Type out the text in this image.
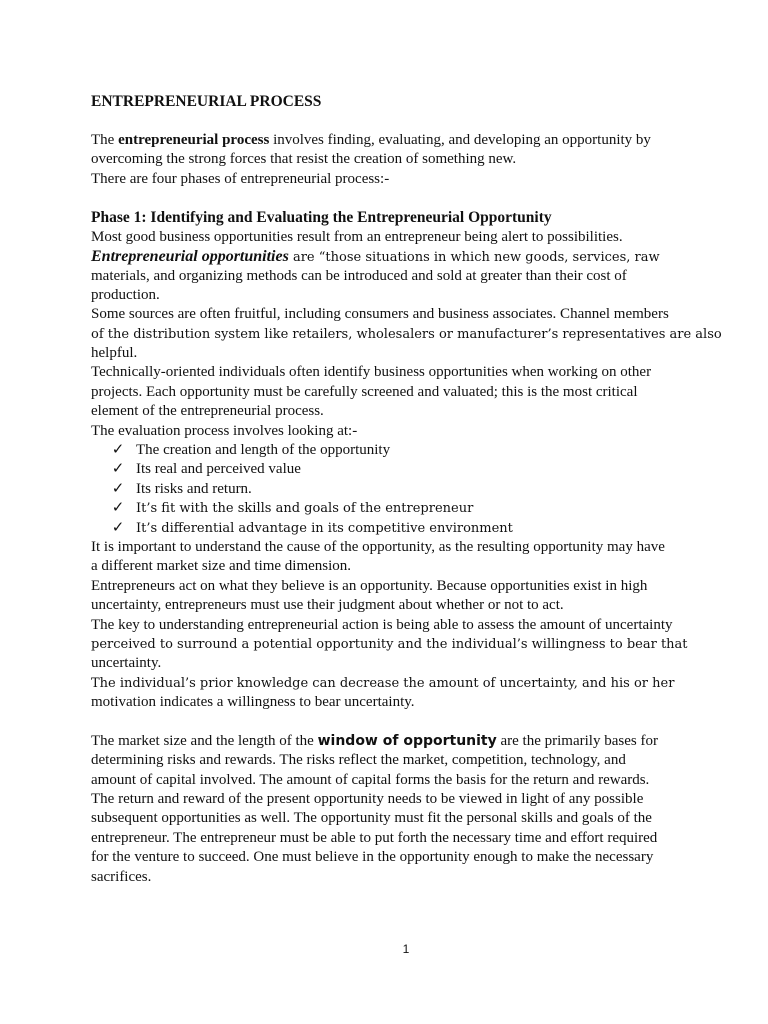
ENTREPRENEURIAL PROCESS
The entrepreneurial process involves finding, evaluating, and developing an opportunity by
overcoming the strong forces that resist the creation of something new.
There are four phases of entrepreneurial process:-
Phase 1: Identifying and Evaluating the Entrepreneurial Opportunity
Most good business opportunities result from an entrepreneur being alert to possibilities.
Entrepreneurial opportunities are “those situations in which new goods, services, raw
materials, and organizing methods can be introduced and sold at greater than their cost of
production.
Some sources are often fruitful, including consumers and business associates. Channel members
of the distribution system like retailers, wholesalers or manufacturer’s representatives are also
helpful.
Technically-oriented individuals often identify business opportunities when working on other
projects. Each opportunity must be carefully screened and valuated; this is the most critical
element of the entrepreneurial process.
The evaluation process involves looking at:-
✓ The creation and length of the opportunity
✓ Its real and perceived value
✓ Its risks and return.
✓ It’s fit with the skills and goals of the entrepreneur
✓ It’s differential advantage in its competitive environment
It is important to understand the cause of the opportunity, as the resulting opportunity may have
a different market size and time dimension.
Entrepreneurs act on what they believe is an opportunity. Because opportunities exist in high
uncertainty, entrepreneurs must use their judgment about whether or not to act.
The key to understanding entrepreneurial action is being able to assess the amount of uncertainty
perceived to surround a potential opportunity and the individual’s willingness to bear that
uncertainty.
The individual’s prior knowledge can decrease the amount of uncertainty, and his or her
motivation indicates a willingness to bear uncertainty.
The market size and the length of the window of opportunity are the primarily bases for
determining risks and rewards. The risks reflect the market, competition, technology, and
amount of capital involved. The amount of capital forms the basis for the return and rewards.
The return and reward of the present opportunity needs to be viewed in light of any possible
subsequent opportunities as well. The opportunity must fit the personal skills and goals of the
entrepreneur. The entrepreneur must be able to put forth the necessary time and effort required
for the venture to succeed. One must believe in the opportunity enough to make the necessary
sacrifices.
1
